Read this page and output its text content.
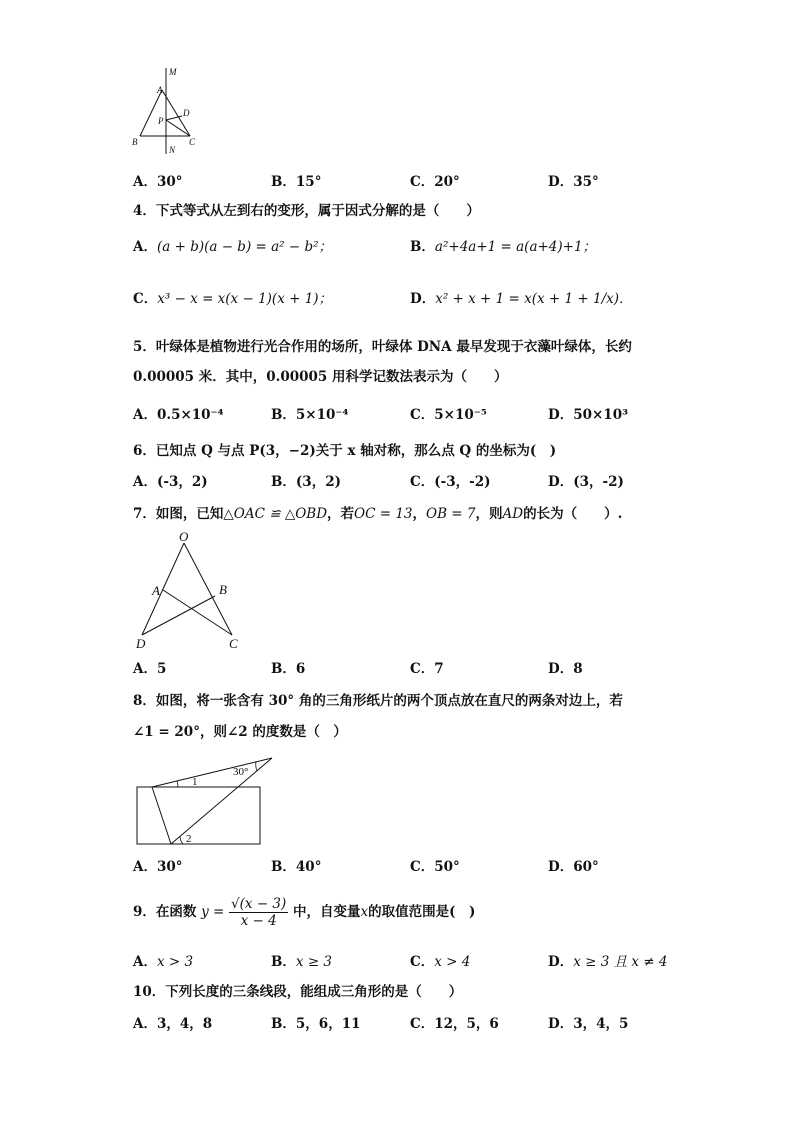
M
A
D
P
B	C
N
A．30°	B．15°	C．20°	D．35°
4．下式等式从左到右的变形，属于因式分解的是（　　）
A．(a + b)(a − b) = a² − b²；	B．a²+4a+1 = a(a+4)+1；
C．x³ − x = x(x − 1)(x + 1)；	D．x² + x + 1 = x(x + 1 + 1/x)．
5．叶绿体是植物进行光合作用的场所，叶绿体 DNA 最早发现于衣藻叶绿体，长约
0.00005 米．其中，0.00005 用科学记数法表示为（　　）
A．0.5×10⁻⁴	B．5×10⁻⁴	C．5×10⁻⁵	D．50×10³
6．已知点 Q 与点 P(3，−2)关于 x 轴对称，那么点 Q 的坐标为(　)
A．(-3，2)	B．(3，2)	C．(-3，-2)	D．(3，-2)
7．如图，已知△OAC ≌ △OBD，若OC = 13，OB = 7，则AD的长为（　　）.
O
A	B
D	C
A．5	B．6	C．7	D．8
8．如图，将一张含有 30° 角的三角形纸片的两个顶点放在直尺的两条对边上，若
∠1 = 20°，则∠2 的度数是（　）
30°
1
2
A．30°	B．40°	C．50°	D．60°
9．在函数 $y = \frac{√(x - 3)}{x - 4}$ 中，自变量x的取值范围是(　)
A．x > 3	B．x ≥ 3	C．x > 4	D．x ≥ 3 且 x ≠ 4
10．下列长度的三条线段，能组成三角形的是（　　）
A．3，4，8	B．5，6，11	C．12，5，6	D．3，4，5
